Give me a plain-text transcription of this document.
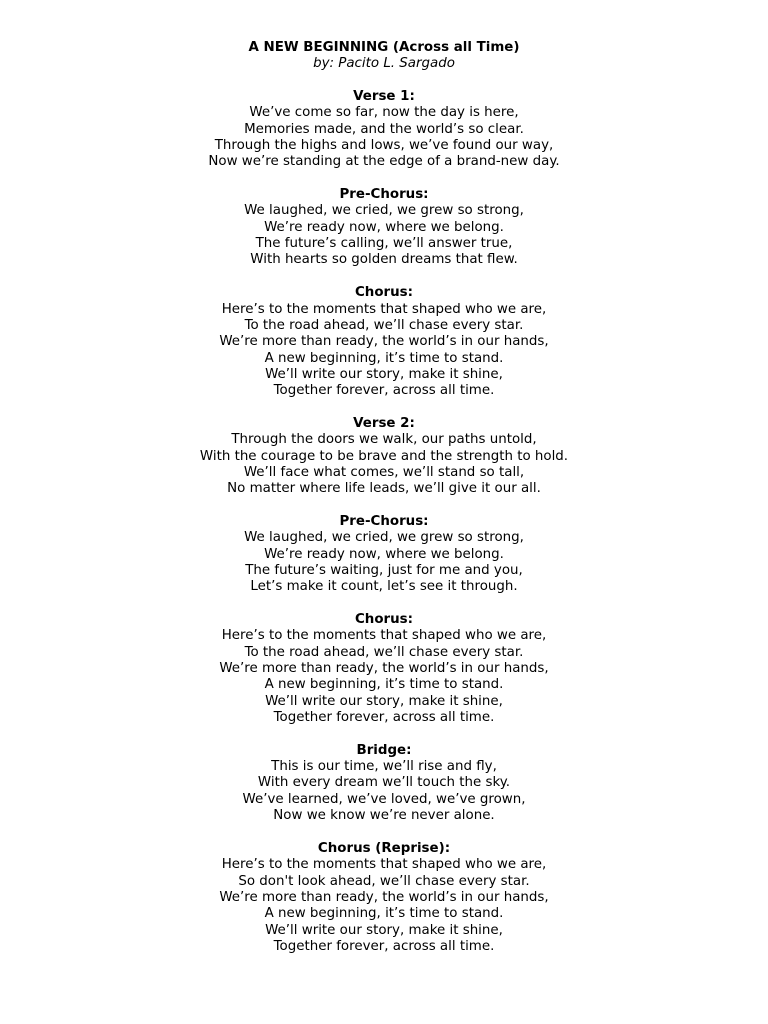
A NEW BEGINNING (Across all Time)

by: Pacito L. Sargado

Verse 1:

We’ve come so far, now the day is here,

Memories made, and the world’s so clear.

Through the highs and lows, we’ve found our way,

Now we’re standing at the edge of a brand-new day.

Pre-Chorus:

We laughed, we cried, we grew so strong,

We’re ready now, where we belong.

The future’s calling, we’ll answer true,

With hearts so golden dreams that flew.

Chorus:

Here’s to the moments that shaped who we are,

To the road ahead, we’ll chase every star.

We’re more than ready, the world’s in our hands,

A new beginning, it’s time to stand.

We’ll write our story, make it shine,

Together forever, across all time.

Verse 2:

Through the doors we walk, our paths untold,

With the courage to be brave and the strength to hold.

We’ll face what comes, we’ll stand so tall,

No matter where life leads, we’ll give it our all.

Pre-Chorus:

We laughed, we cried, we grew so strong,

We’re ready now, where we belong.

The future’s waiting, just for me and you,

Let’s make it count, let’s see it through.

Chorus:

Here’s to the moments that shaped who we are,

To the road ahead, we’ll chase every star.

We’re more than ready, the world’s in our hands,

A new beginning, it’s time to stand.

We’ll write our story, make it shine,

Together forever, across all time.

Bridge:

This is our time, we’ll rise and fly,

With every dream we’ll touch the sky.

We’ve learned, we’ve loved, we’ve grown,

Now we know we’re never alone.

Chorus (Reprise):

Here’s to the moments that shaped who we are,

So don't look ahead, we’ll chase every star.

We’re more than ready, the world’s in our hands,

A new beginning, it’s time to stand.

We’ll write our story, make it shine,

Together forever, across all time.
